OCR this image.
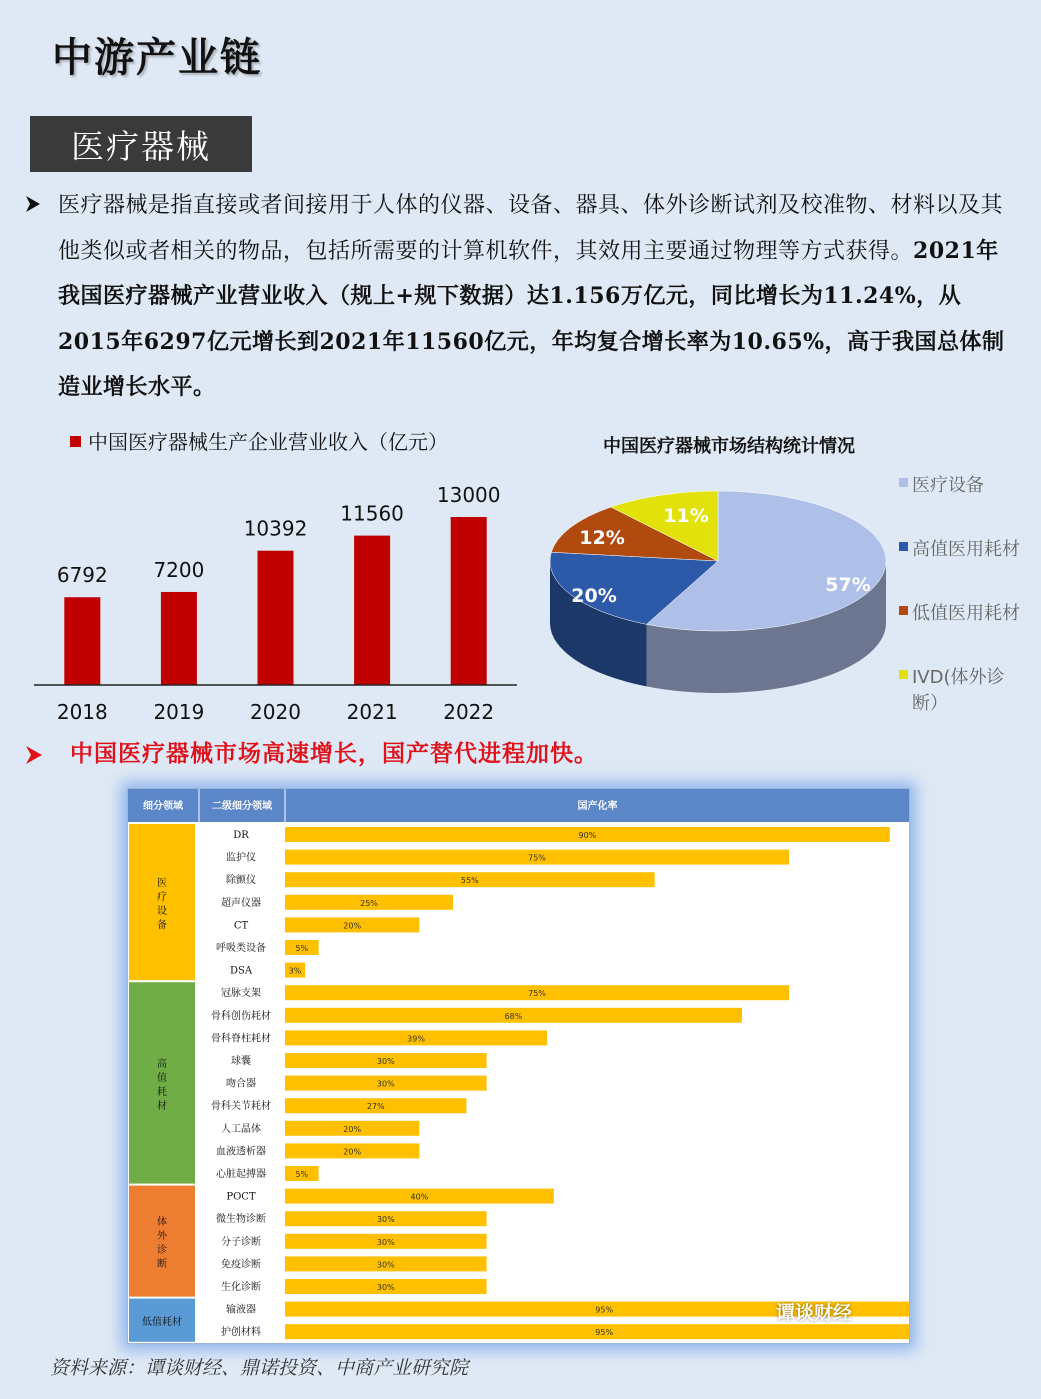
中游产业链
医疗器械
医疗器械是指直接或者间接用于人体的仪器、设备、器具、体外诊断试剂及校准物、材料以及其他类似或者相关的物品，包括所需要的计算机软件，其效用主要通过物理等方式获得。2021年我国医疗器械产业营业收入（规上+规下数据）达1.156万亿元，同比增长为11.24%，从2015年6297亿元增长到2021年11560亿元，年均复合增长率为10.65%，高于我国总体制造业增长水平。
中国医疗器械生产企业营业收入（亿元）
6792
2018
7200
2019
10392
2020
11560
2021
13000
2022
中国医疗器械市场结构统计情况
57%
20%
12%
11%
医疗设备
高值医用耗材
低值医用耗材
IVD(体外诊
断）
中国医疗器械市场高速增长，国产替代进程加快。
细分领域	二级细分领域	国产化率
医
疗
设
备
DR	90%
监护仪	75%
除颤仪	55%
超声仪器	25%
CT	20%
呼吸类设备	5%
DSA	3%
高
值
耗
材
冠脉支架	75%
骨科创伤耗材	68%
骨科脊柱耗材	39%
球囊	30%
吻合器	30%
骨科关节耗材	27%
人工晶体	20%
血液透析器	20%
心脏起搏器	5%
体
外
诊
断
POCT	40%
微生物诊断	30%
分子诊断	30%
免疫诊断	30%
生化诊断	30%
低值耗材
输液器	95%
护创材料	95%
谭谈财经
资料来源：谭谈财经、鼎诺投资、中商产业研究院
